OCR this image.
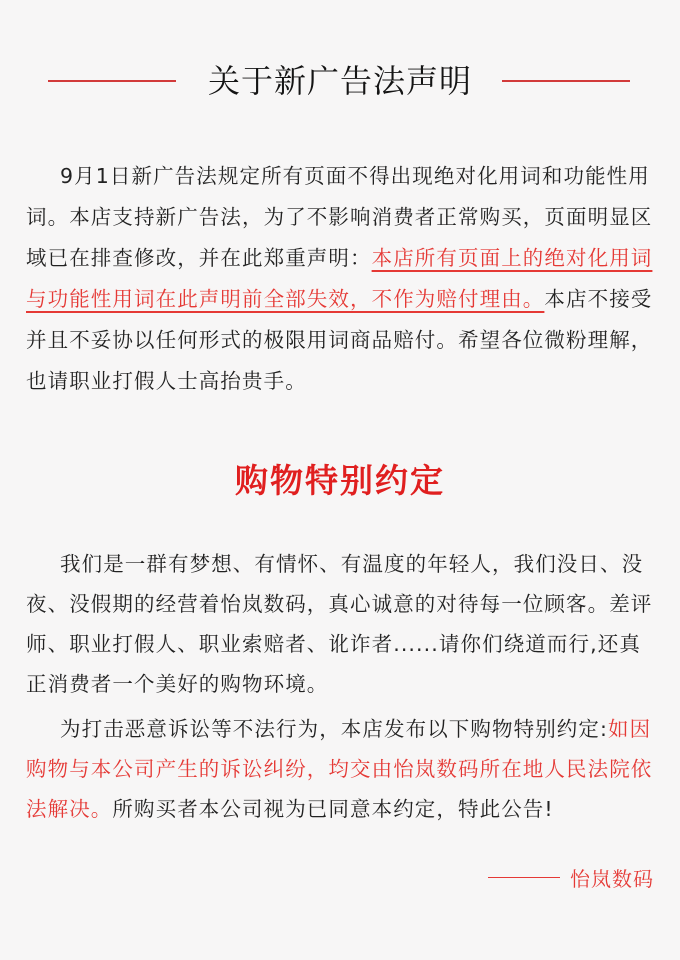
关于新广告法声明

9月1日新广告法规定所有页面不得出现绝对化用词和功能性用词。本店支持新广告法，为了不影响消费者正常购买，页面明显区域已在排查修改，并在此郑重声明：本店所有页面上的绝对化用词与功能性用词在此声明前全部失效，不作为赔付理由。本店不接受并且不妥协以任何形式的极限用词商品赔付。希望各位微粉理解，也请职业打假人士高抬贵手。

购物特别约定

我们是一群有梦想、有情怀、有温度的年轻人，我们没日、没夜、没假期的经营着怡岚数码，真心诚意的对待每一位顾客。差评师、职业打假人、职业索赔者、讹诈者......请你们绕道而行,还真正消费者一个美好的购物环境。

为打击恶意诉讼等不法行为，本店发布以下购物特别约定:如因购物与本公司产生的诉讼纠纷，均交由怡岚数码所在地人民法院依法解决。所购买者本公司视为已同意本约定，特此公告!

怡岚数码
